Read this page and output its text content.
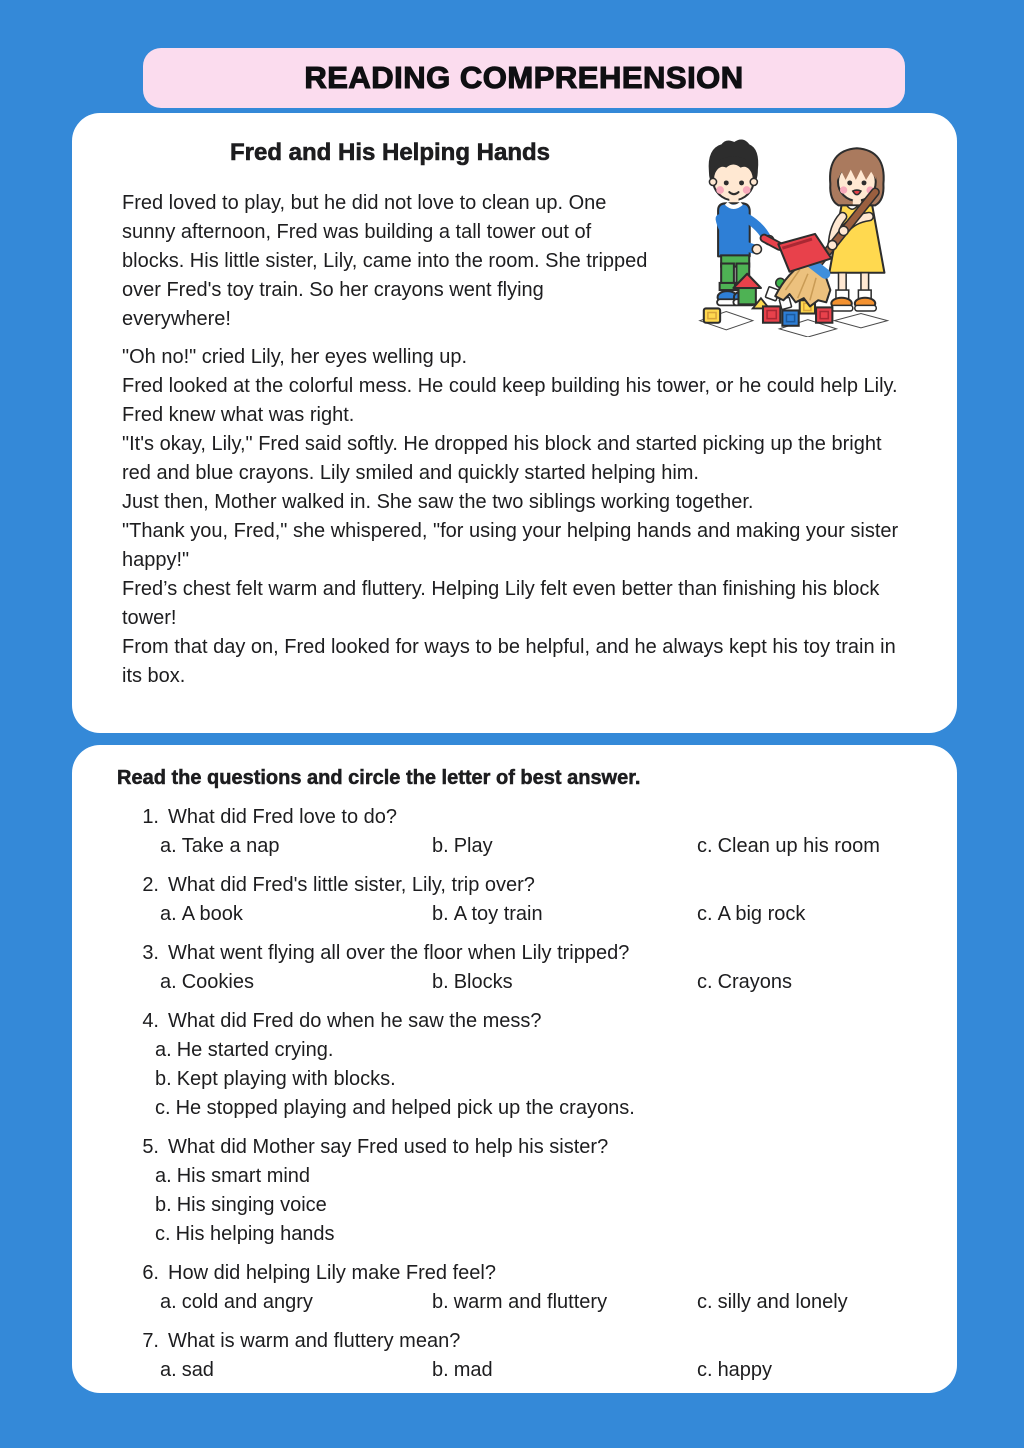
READING COMPREHENSION
Fred and His Helping Hands

Fred loved to play, but he did not love to clean up. One sunny afternoon, Fred was building a tall tower out of blocks. His little sister, Lily, came into the room. She tripped over Fred's toy train. So her crayons went flying everywhere!

"Oh no!" cried Lily, her eyes welling up.

Fred looked at the colorful mess. He could keep building his tower, or he could help Lily. Fred knew what was right.

"It's okay, Lily," Fred said softly. He dropped his block and started picking up the bright red and blue crayons. Lily smiled and quickly started helping him.

Just then, Mother walked in. She saw the two siblings working together.

"Thank you, Fred," she whispered, "for using your helping hands and making your sister happy!"

Fred’s chest felt warm and fluttery. Helping Lily felt even better than finishing his block tower!

From that day on, Fred looked for ways to be helpful, and he always kept his toy train in its box.

Read the questions and circle the letter of best answer.
1. What did Fred love to do?
a. Take a nap	b. Play	c. Clean up his room
2. What did Fred's little sister, Lily, trip over?
a. A book	b. A toy train	c. A big rock
3. What went flying all over the floor when Lily tripped?
a. Cookies	b. Blocks	c. Crayons
4. What did Fred do when he saw the mess?
a. He started crying.
b. Kept playing with blocks.
c. He stopped playing and helped pick up the crayons.
5. What did Mother say Fred used to help his sister?
a. His smart mind
b. His singing voice
c. His helping hands
6. How did helping Lily make Fred feel?
a. cold and angry	b. warm and fluttery	c. silly and lonely
7. What is warm and fluttery mean?
a. sad	b. mad	c. happy
